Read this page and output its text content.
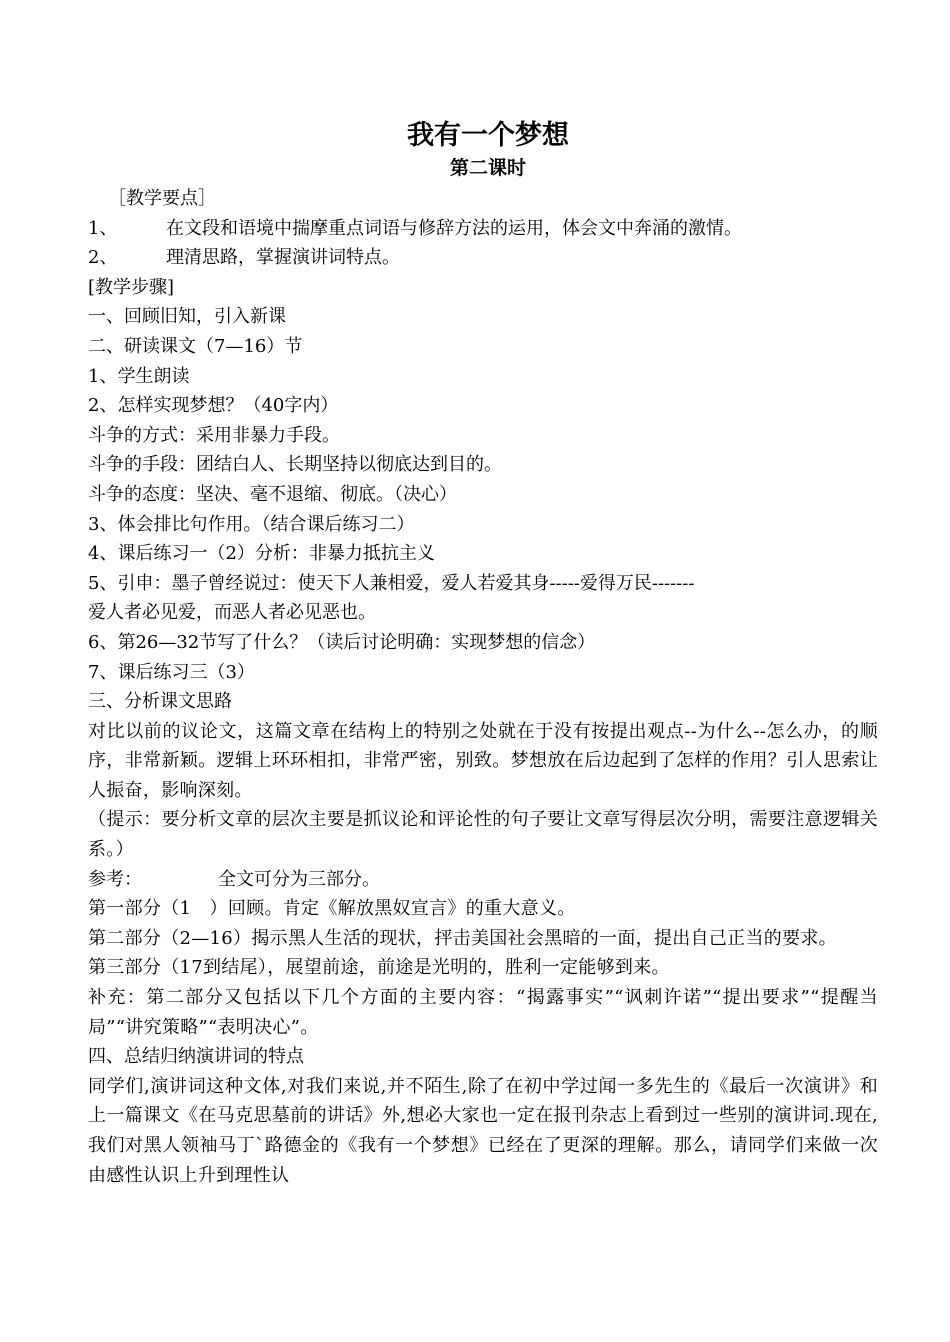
我有一个梦想
第二课时

［教学要点］

1、	在文段和语境中揣摩重点词语与修辞方法的运用，体会文中奔涌的激情。

2、	理清思路，掌握演讲词特点。

[教学步骤]

一、回顾旧知，引入新课

二、研读课文（7—16）节

1、学生朗读

2、怎样实现梦想？（40字内）

斗争的方式：采用非暴力手段。

斗争的手段：团结白人、长期坚持以彻底达到目的。

斗争的态度：坚决、毫不退缩、彻底。（决心）

3、体会排比句作用。（结合课后练习二）

4、课后练习一（2）分析：非暴力抵抗主义

5、引申：墨子曾经说过：使天下人兼相爱，爱人若爱其身-----爱得万民-------

爱人者必见爱，而恶人者必见恶也。

6、第26—32节写了什么？（读后讨论明确：实现梦想的信念）

7、课后练习三（3）

三、分析课文思路

对比以前的议论文，这篇文章在结构上的特别之处就在于没有按提出观点--为什么--怎么办，的顺序，非常新颖。逻辑上环环相扣，非常严密，别致。梦想放在后边起到了怎样的作用？引人思索让人振奋，影响深刻。

（提示：要分析文章的层次主要是抓议论和评论性的句子要让文章写得层次分明，需要注意逻辑关系。）

参考：	全文可分为三部分。

第一部分（1　）回顾。肯定《解放黑奴宣言》的重大意义。

第二部分（2—16）揭示黑人生活的现状，抨击美国社会黑暗的一面，提出自己正当的要求。

第三部分（17到结尾），展望前途，前途是光明的，胜利一定能够到来。

补充：第二部分又包括以下几个方面的主要内容：“揭露事实”“讽刺许诺”“提出要求”“提醒当局”“讲究策略”“表明决心”。

四、总结归纳演讲词的特点

同学们,演讲词这种文体,对我们来说,并不陌生,除了在初中学过闻一多先生的《最后一次演讲》和上一篇课文《在马克思墓前的讲话》外,想必大家也一定在报刊杂志上看到过一些别的演讲词.现在,我们对黑人领袖马丁`路德金的《我有一个梦想》已经在了更深的理解。那么，请同学们来做一次由感性认识上升到理性认
